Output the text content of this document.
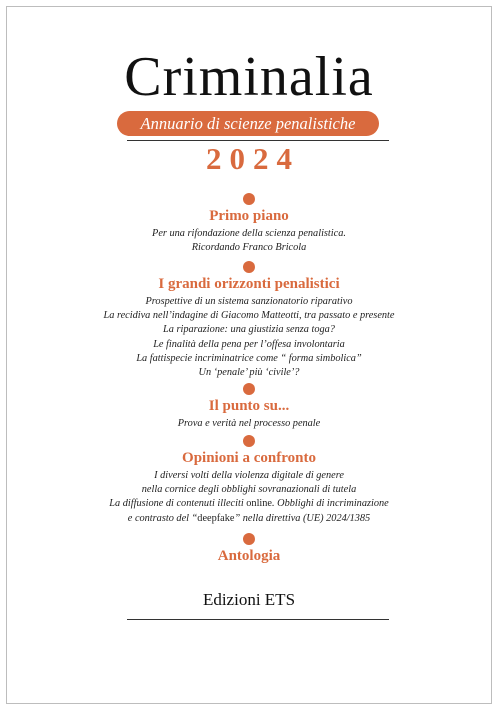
Criminalia
Annuario di scienze penalistiche
2024
Primo piano
Per una rifondazione della scienza penalistica.
Ricordando Franco Bricola
I grandi orizzonti penalistici
Prospettive di un sistema sanzionatorio riparativo
La recidiva nell’indagine di Giacomo Matteotti, tra passato e presente
La riparazione: una giustizia senza toga?
Le finalità della pena per l’offesa involontaria
La fattispecie incriminatrice come “ forma simbolica”
Un ‘penale’ più ‘civile’?
Il punto su...
Prova e verità nel processo penale
Opinioni a confronto
I diversi volti della violenza digitale di genere
nella cornice degli obblighi sovranazionali di tutela
La diffusione di contenuti illeciti online. Obblighi di incriminazione
e contrasto del “deepfake” nella direttiva (UE) 2024/1385
Antologia
Edizioni ETS
